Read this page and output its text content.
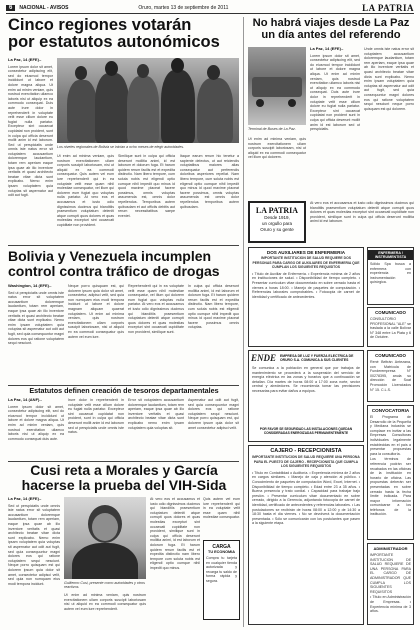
6	NACIONAL - AVISOS	Oruro, martes 13 de septiembre de 2011	LA PATRIA
Cinco regiones votarán
por estatutos autonómicos
La Paz, 14 (EFE).-

Lorem ipsum dolor sit amet, consectetur adipiscing elit, sed do eiusmod tempor incididunt ut labore et dolore magna aliqua. Ut enim ad minim veniam, quis nostrud exercitation ullamco laboris nisi ut aliquip ex ea commodo consequat. Duis aute irure dolor in reprehenderit in voluptate velit esse cillum dolore eu fugiat nulla pariatur. Excepteur sint occaecat cupidatat non proident, sunt in culpa qui officia deserunt mollit anim id est laborum. Sed ut perspiciatis unde omnis iste natus error sit voluptatem accusantium doloremque laudantium, totam rem aperiam eaque ipsa quae ab illo inventore veritatis et quasi architecto beatae vitae dicta sunt explicabo. Nemo enim ipsam voluptatem quia voluptas sit aspernatur aut odit aut fugit.

Los niveles regionales de Bolivia se inician a ocho meses de elegir autoridades.

Ut enim ad minima veniam, quis nostrum exercitationem ullam corporis suscipit laboriosam, nisi ut aliquid ex ea commodi consequatur. Quis autem vel eum iure reprehenderit qui in ea voluptate velit esse quam nihil molestiae consequatur, vel illum qui dolorem eum fugiat quo voluptas nulla pariatur. At vero eos et accusamus et iusto odio dignissimos ducimus qui blanditiis praesentium voluptatum deleniti atque corrupti quos dolores et quas molestias excepturi sint occaecati cupiditate non provident.

Similique sunt in culpa qui officia deserunt mollitia animi, id est laborum et dolorum fuga. Et harum quidem rerum facilis est et expedita distinctio. Nam libero tempore, cum soluta nobis est eligendi optio cumque nihil impedit quo minus id quod maxime placeat facere possimus, omnis voluptas assumenda est, omnis dolor repellendus. Temporibus autem quibusdam et aut officiis debitis aut rerum necessitatibus saepe eveniet.

Itaque earum rerum hic tenetur a sapiente delectus, ut aut reiciendis voluptatibus maiores alias consequatur aut perferendis doloribus asperiores repellat. Nam libero tempore, cum soluta nobis est eligendi optio cumque nihil impedit quo minus id quod maxime placeat facere possimus, omnis voluptas assumenda est omnis dolor repellendus temporibus autem quibusdam.

Bolivia y Venezuela incumplen
control contra tráfico de drogas
Washington, 14 (EFE).-

Sed ut perspiciatis unde omnis iste natus error sit voluptatem accusantium doloremque laudantium, totam rem aperiam, eaque ipsa quae ab illo inventore veritatis et quasi architecto beatae vitae dicta sunt explicabo. Nemo enim ipsam voluptatem quia voluptas sit aspernatur aut odit aut fugit, sed quia consequuntur magni dolores eos qui ratione voluptatem sequi nesciunt.

Neque porro quisquam est, qui dolorem ipsum quia dolor sit amet, consectetur, adipisci velit, sed quia non numquam eius modi tempora incidunt ut labore et dolore magnam aliquam quaerat voluptatem. Ut enim ad minima veniam, quis nostrum exercitationem ullam corporis suscipit laboriosam, nisi ut aliquid ex ea commodi consequatur quis autem vel eum iure.

Reprehenderit qui in ea voluptate velit esse quam nihil molestiae consequatur, vel illum qui dolorem eum fugiat quo voluptas nulla pariatur. At vero eos et accusamus et iusto odio dignissimos ducimus qui blanditiis praesentium voluptatum deleniti atque corrupti quos dolores et quas molestias excepturi sint occaecati cupiditate non provident, similique sunt.

In culpa qui officia deserunt mollitia animi, id est laborum et dolorum fuga. Et harum quidem rerum facilis est et expedita distinctio. Nam libero tempore, cum soluta nobis est eligendi optio cumque nihil impedit quo minus id quod maxime placeat facere possimus omnis voluptas.

Estatutos definen creación de tesoros departamentales
La Paz, 14 (ANF).-

Lorem ipsum dolor sit amet, consectetur adipiscing elit, sed do eiusmod tempor incididunt ut labore et dolore magna aliqua. Ut enim ad minim veniam, quis nostrud exercitation ullamco laboris nisi ut aliquip ex ea commodo consequat duis aute.

Irure dolor in reprehenderit in voluptate velit esse cillum dolore eu fugiat nulla pariatur. Excepteur sint occaecat cupidatat non proident, sunt in culpa qui officia deserunt mollit anim id est laborum sed ut perspiciatis unde omnis iste natus.

Error sit voluptatem accusantium doloremque laudantium, totam rem aperiam, eaque ipsa quae ab illo inventore veritatis et quasi architecto beatae vitae dicta sunt explicabo nemo enim ipsam voluptatem quia voluptas sit.

Aspernatur aut odit aut fugit, sed quia consequuntur magni dolores eos qui ratione voluptatem sequi nesciunt. Neque porro quisquam est, qui dolorem ipsum quia dolor sit amet consectetur adipisci velit.

Cusi reta a Morales y García
hacerse la prueba del VIH-Sida
La Paz, 14 (EFE).-

Sed ut perspiciatis unde omnis iste natus error sit voluptatem accusantium doloremque laudantium, totam rem aperiam, eaque ipsa quae ab illo inventore veritatis et quasi architecto beatae vitae dicta sunt explicabo. Nemo enim ipsam voluptatem quia voluptas sit aspernatur aut odit aut fugit, sed quia consequuntur magni dolores eos qui ratione voluptatem sequi nesciunt. Neque porro quisquam est qui dolorem ipsum quia dolor sit amet, consectetur adipisci velit, sed quia non numquam eius modi tempora incidunt.	Guillermo Cusi, presente como autoridades y otros reactivos.

Ut enim ad minima veniam, quis nostrum exercitationem ullam corporis suscipit laboriosam nisi ut aliquid ex ea commodi consequatur quis autem vel eum iure reprehenderit.

At vero eos et accusamus et iusto odio dignissimos ducimus qui blanditiis praesentium voluptatum deleniti atque corrupti quos dolores et quas molestias excepturi sint occaecati cupiditate non provident, similique sunt in culpa qui officia deserunt mollitia animi, id est laborum et dolorum fuga. Et harum quidem rerum facilis est et expedita distinctio nam libero tempore cum soluta nobis est eligendi optio cumque nihil impedit quo minus.

CARGA
TU ECONOMIA

Compra tu tarjeta en cualquier tienda autorizada y recarga tu saldo de forma rápida y segura.

Quis autem vel eum iure reprehenderit qui in ea voluptate velit esse quam nihil molestiae consequatur.

No habrá viajes desde La Paz
un día antes del referendo
Terminal de Buses de La Paz.
La Paz, 14 (EFE).-

Lorem ipsum dolor sit amet, consectetur adipiscing elit, sed do eiusmod tempor incididunt ut labore et dolore magna aliqua. Ut enim ad minim veniam, quis nostrud exercitation ullamco laboris nisi ut aliquip ex ea commodo consequat. Duis aute irure dolor in reprehenderit in voluptate velit esse cillum dolore eu fugiat nulla pariatur. Excepteur sint occaecat cupidatat non proident sunt in culpa qui officia deserunt mollit anim id est laborum sed ut perspiciatis.

Unde omnis iste natus error sit voluptatem accusantium doloremque laudantium, totam rem aperiam, eaque ipsa quae ab illo inventore veritatis et quasi architecto beatae vitae dicta sunt explicabo. Nemo enim ipsam voluptatem quia voluptas sit aspernatur aut odit aut fugit, sed quia consequuntur magni dolores eos qui ratione voluptatem sequi nesciunt neque porro quisquam est qui dolorem.

Ut enim ad minima veniam, quis nostrum exercitationem ullam corporis suscipit laboriosam, nisi ut aliquid ex ea commodi consequatur vel illum qui dolorem.

LA PATRIA
Desde 1919,
un orgullo para
Oruro y su gente

At vero eos et accusamus et iusto odio dignissimos ducimus qui blanditiis praesentium voluptatum deleniti atque corrupti quos dolores et quas molestias excepturi sint occaecati cupiditate non provident, similique sunt in culpa qui officia deserunt mollitia animi id est laborum.

DOS AUXILIARES DE ENFERMERIA
IMPORTANTE INSTITUCION DE SALUD REQUIERE DOS PERSONAS PARA CARGO DE AUXILIARES DE ENFERMERIA QUE CUMPLAN LOS SIGUIENTES REQUISITOS

• Título de Auxiliar de Enfermería. • Experiencia mínima de 2 años en instituciones de salud. • Disponibilidad de tiempo completo. • Presentar currículum vitae documentado en sobre cerrado hasta el viernes a horas 18:00. • Manejo de paquetes de computación. • Referencias laborales comprobables. • Fotocopia de carnet de identidad y certificado de antecedentes.

ENFERMERA / INSTRUMENTISTA
Sólido Spa busca a enfermera con experiencia en instrumentación quirúrgica.
COMUNICADO
CONSULTORIO PROFESIONAL "ALE" se traslada a la calle Bolívar N° 348 entre La Plata y 6 de Octubre.
ENDE EMPRESA DE LUZ Y FUERZA ELECTRICA DE ORURO S.A. COMUNICA A SUS CLIENTES

Se comunica a la población en general que por trabajos de mantenimiento se procederá a la suspensión del servicio de energía eléctrica en las zonas y horarios que a continuación se detallan. Día martes de horas 08:00 a 17:00 zona norte, sector central y alrededores. Se recomienda tomar las previsiones necesarias para evitar daños a equipos.

POR FAVOR SE SEGURIDAD LAS INSTALACIONES QUEDAN CONSIDERADAS ENERGIZADAS PERMANENTEMENTE
COMUNICADO
René Beltrán Antezana, con Matrícula de Funderempresa N° 00278395, anula su dirección de Soat Promoción Licenciados N° 15. C.L.S.
CONVOCATORIA

El Programa de Desarrollo de la Pequeña y Mediana Industria se complace en invitar a las Empresas Consultoras individuales legalmente establecidas en el país a presentar propuestas para la consultoría.

Los términos de referencia podrán ser recabados en las oficinas de la institución en horario de oficina. Las propuestas deberán ser presentadas en sobre cerrado hasta la fecha límite indicada. Para mayor información comunicarse a los teléfonos de la institución.

CAJERO - RECEPCIONISTA
IMPORTANTE INSTITUCION DE SALUD REQUIERE UNA PERSONA PARA EL PUESTO DE CAJERO - RECEPCIONISTA QUE CUMPLA LOS SIGUIENTES REQUISITOS

• Título en Contabilidad o Auditoría. • Experiencia mínima de 2 años en cargos similares. • Manejo de caja y atención al público. • Conocimiento de paquetes de computación Word, Excel, Internet. • Disponibilidad de tiempo completo. • Edad entre 23 a 35 años. • Buena presencia y trato cordial. • Capacidad para trabajar bajo presión. • Presentar currículum vitae documentado en sobre cerrado, dirigido a la Gerencia, adjuntando fotocopia de carnet de identidad, certificado de antecedentes y referencias laborales. • Las postulaciones se recibirán de horas 08:00 a 12:00 y de 14:30 a 18:30 hasta el día viernes. • No se devolverá la documentación presentada. • Sólo se comunicarán con los postulantes que pasen a la siguiente etapa.

ADMINISTRADOR

IMPORTANTE INSTITUCION DE SALUD REQUIERE DE UNA PERSONA PARA EL CARGO DE ADMINISTRADOR QUE CUMPLA LOS SIGUIENTES REQUISITOS

• Título en Administración de Empresas. • Experiencia mínima de 3 años.
